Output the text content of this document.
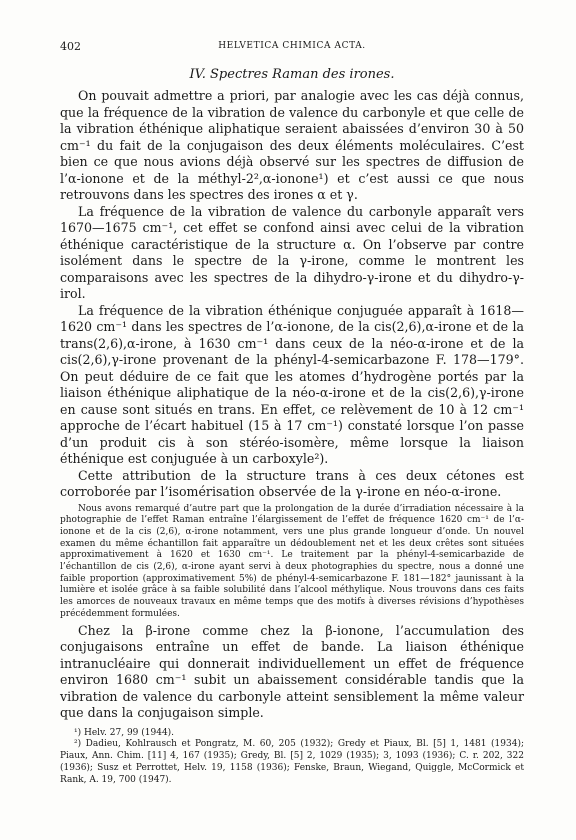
402	HELVETICA CHIMICA ACTA.
IV. Spectres Raman des irones.

On pouvait admettre a priori, par analogie avec les cas déjà connus, que la fréquence de la vibration de valence du carbonyle et que celle de la vibration éthénique aliphatique seraient abaissées d’environ 30 à 50 cm⁻¹ du fait de la conjugaison des deux éléments moléculaires. C’est bien ce que nous avions déjà observé sur les spectres de diffusion de l’α-ionone et de la méthyl-2²,α-ionone¹) et c’est aussi ce que nous retrouvons dans les spectres des irones α et γ.

La fréquence de la vibration de valence du carbonyle apparaît vers 1670—1675 cm⁻¹, cet effet se confond ainsi avec celui de la vibration éthénique caractéristique de la structure α. On l’observe par contre isolément dans le spectre de la γ-irone, comme le montrent les comparaisons avec les spectres de la dihydro-γ-irone et du dihydro-γ-irol.

La fréquence de la vibration éthénique conjuguée apparaît à 1618—1620 cm⁻¹ dans les spectres de l’α-ionone, de la cis(2,6),α-irone et de la trans(2,6),α-irone, à 1630 cm⁻¹ dans ceux de la néo-α-irone et de la cis(2,6),γ-irone provenant de la phényl-4-semicarbazone F. 178—179°. On peut déduire de ce fait que les atomes d’hydrogène portés par la liaison éthénique aliphatique de la néo-α-irone et de la cis(2,6),γ-irone en cause sont situés en trans. En effet, ce relèvement de 10 à 12 cm⁻¹ approche de l’écart habituel (15 à 17 cm⁻¹) constaté lorsque l’on passe d’un produit cis à son stéréo-isomère, même lorsque la liaison éthénique est conjuguée à un carboxyle²).

Cette attribution de la structure trans à ces deux cétones est corroborée par l’isomérisation observée de la γ-irone en néo-α-irone.

Nous avons remarqué d’autre part que la prolongation de la durée d’irradiation nécessaire à la photographie de l’effet Raman entraîne l’élargissement de l’effet de fréquence 1620 cm⁻¹ de l’α-ionone et de la cis (2,6), α-irone notamment, vers une plus grande longueur d’onde. Un nouvel examen du même échantillon fait apparaître un dédoublement net et les deux crêtes sont situées approximativement à 1620 et 1630 cm⁻¹. Le traitement par la phényl-4-semicarbazide de l’échantillon de cis (2,6), α-irone ayant servi à deux photographies du spectre, nous a donné une faible proportion (approximativement 5%) de phényl-4-semicarbazone F. 181—182° jaunissant à la lumière et isolée grâce à sa faible solubilité dans l’alcool méthylique. Nous trouvons dans ces faits les amorces de nouveaux travaux en même temps que des motifs à diverses révisions d’hypothèses précédemment formulées.

Chez la β-irone comme chez la β-ionone, l’accumulation des conjugaisons entraîne un effet de bande. La liaison éthénique intranucléaire qui donnerait individuellement un effet de fréquence environ 1680 cm⁻¹ subit un abaissement considérable tandis que la vibration de valence du carbonyle atteint sensiblement la même valeur que dans la conjugaison simple.

¹) Helv. 27, 99 (1944).
²) Dadieu, Kohlrausch et Pongratz, M. 60, 205 (1932); Gredy et Piaux, Bl. [5] 1, 1481 (1934); Piaux, Ann. Chim. [11] 4, 167 (1935); Gredy, Bl. [5] 2, 1029 (1935); 3, 1093 (1936); C. r. 202, 322 (1936); Susz et Perrottet, Helv. 19, 1158 (1936); Fenske, Braun, Wiegand, Quiggle, McCormick et Rank, A. 19, 700 (1947).
